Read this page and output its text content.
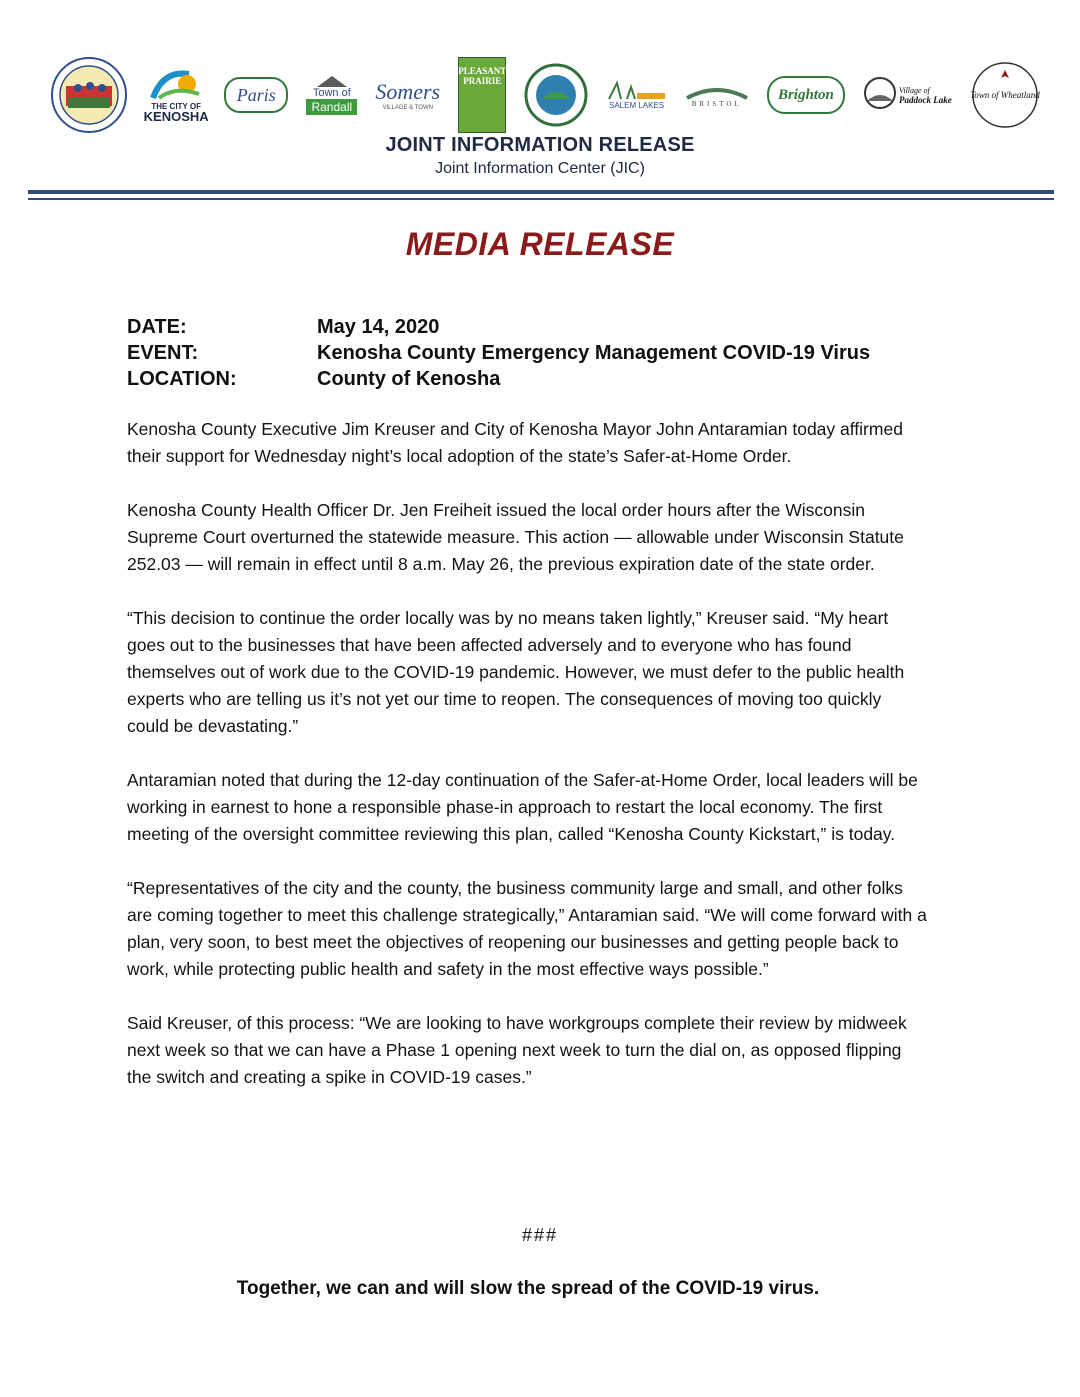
THE CITY OF
KENOSHA
Paris	Town of
Randall
Somers
VILLAGE & TOWN
PLEASANT
PRAIRIE
SALEM LAKES	BRISTOL
Brighton	Village of
Paddock Lake Town of Wheatland
JOINT INFORMATION RELEASE
Joint Information Center (JIC)
MEDIA RELEASE
DATE:	May 14, 2020
EVENT:	Kenosha County Emergency Management COVID-19 Virus
LOCATION:	County of Kenosha

Kenosha County Executive Jim Kreuser and City of Kenosha Mayor John Antaramian today affirmed their support for Wednesday night’s local adoption of the state’s Safer-at-Home Order.

Kenosha County Health Officer Dr. Jen Freiheit issued the local order hours after the Wisconsin Supreme Court overturned the statewide measure. This action — allowable under Wisconsin Statute 252.03 — will remain in effect until 8 a.m. May 26, the previous expiration date of the state order.

“This decision to continue the order locally was by no means taken lightly,” Kreuser said. “My heart goes out to the businesses that have been affected adversely and to everyone who has found themselves out of work due to the COVID-19 pandemic. However, we must defer to the public health experts who are telling us it’s not yet our time to reopen. The consequences of moving too quickly could be devastating.”

Antaramian noted that during the 12-day continuation of the Safer-at-Home Order, local leaders will be working in earnest to hone a responsible phase-in approach to restart the local economy. The first meeting of the oversight committee reviewing this plan, called “Kenosha County Kickstart,” is today.

“Representatives of the city and the county, the business community large and small, and other folks are coming together to meet this challenge strategically,” Antaramian said. “We will come forward with a plan, very soon, to best meet the objectives of reopening our businesses and getting people back to work, while protecting public health and safety in the most effective ways possible.”

Said Kreuser, of this process: “We are looking to have workgroups complete their review by midweek next week so that we can have a Phase 1 opening next week to turn the dial on, as opposed flipping the switch and creating a spike in COVID-19 cases.”

###
Together, we can and will slow the spread of the COVID-19 virus.
